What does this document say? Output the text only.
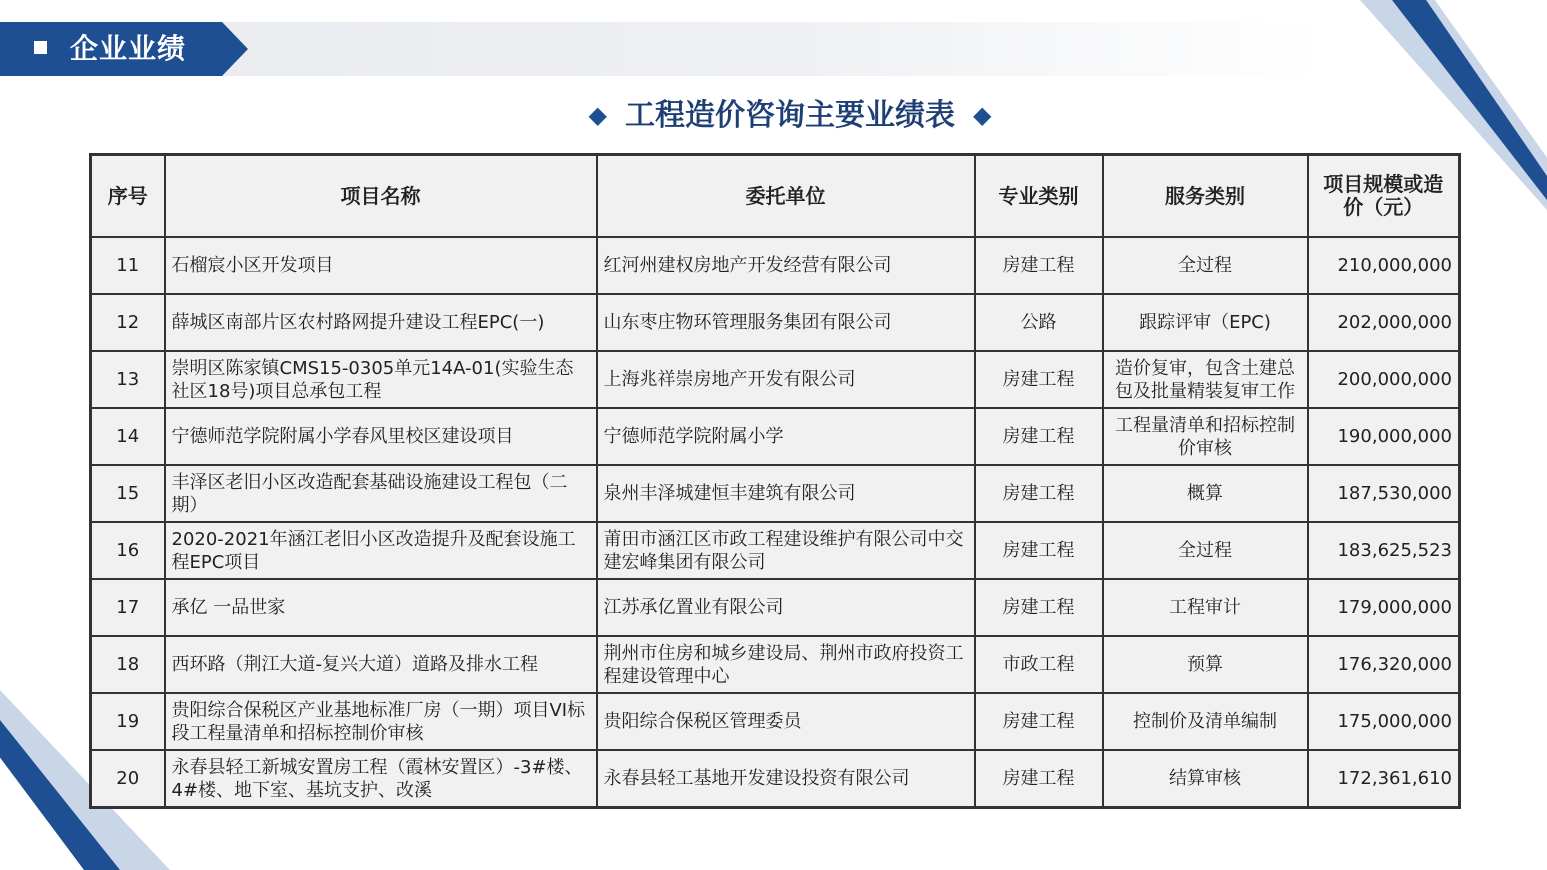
企业业绩
◆ 工程造价咨询主要业绩表 ◆
序号	项目名称	委托单位	专业类别	服务类别	项目规模或造价（元）
11	石榴宸小区开发项目	红河州建权房地产开发经营有限公司	房建工程	全过程	210,000,000
12	薛城区南部片区农村路网提升建设工程EPC(一)	山东枣庄物环管理服务集团有限公司	公路	跟踪评审（EPC)	202,000,000
13	崇明区陈家镇CMS15-0305单元14A-01(实验生态社区18号)项目总承包工程	上海兆祥崇房地产开发有限公司	房建工程	造价复审，包含土建总包及批量精装复审工作	200,000,000
14	宁德师范学院附属小学春风里校区建设项目	宁德师范学院附属小学	房建工程	工程量清单和招标控制价审核	190,000,000
15	丰泽区老旧小区改造配套基础设施建设工程包（二期）	泉州丰泽城建恒丰建筑有限公司	房建工程	概算	187,530,000
16	2020-2021年涵江老旧小区改造提升及配套设施工程EPC项目	莆田市涵江区市政工程建设维护有限公司中交建宏峰集团有限公司	房建工程	全过程	183,625,523
17	承亿 一品世家	江苏承亿置业有限公司	房建工程	工程审计	179,000,000
18	西环路（荆江大道-复兴大道）道路及排水工程	荆州市住房和城乡建设局、荆州市政府投资工程建设管理中心	市政工程	预算	176,320,000
19	贵阳综合保税区产业基地标准厂房（一期）项目VI标段工程量清单和招标控制价审核	贵阳综合保税区管理委员	房建工程	控制价及清单编制	175,000,000
20	永春县轻工新城安置房工程（霞林安置区）-3#楼、4#楼、地下室、基坑支护、改溪	永春县轻工基地开发建设投资有限公司	房建工程	结算审核	172,361,610
